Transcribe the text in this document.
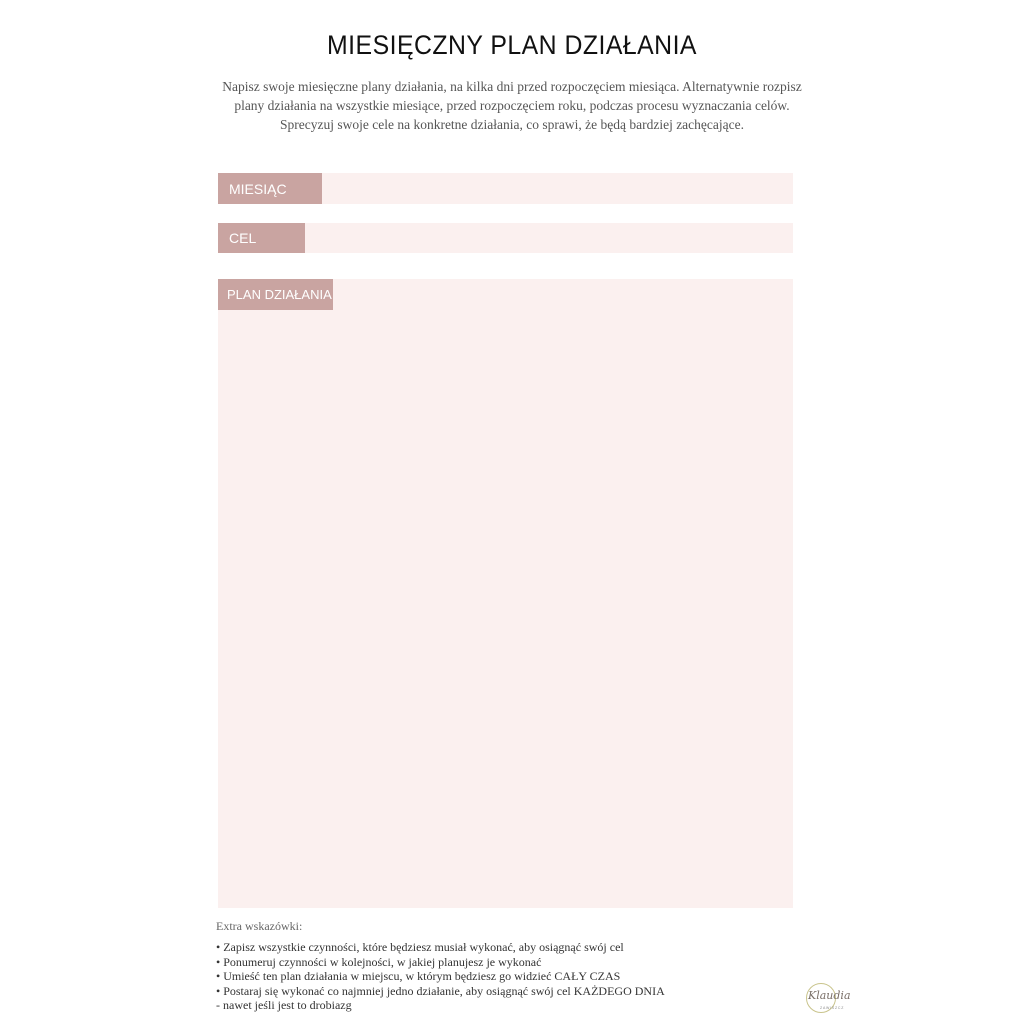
MIESIĘCZNY PLAN DZIAŁANIA
Napisz swoje miesięczne plany działania, na kilka dni przed rozpoczęciem miesiąca. Alternatywnie rozpisz plany działania na wszystkie miesiące, przed rozpoczęciem roku, podczas procesu wyznaczania celów. Sprecyzuj swoje cele na konkretne działania, co sprawi, że będą bardziej zachęcające.
MIESIĄC
CEL
PLAN DZIAŁANIA
Extra wskazówki:
• Zapisz wszystkie czynności, które będziesz musiał wykonać, aby osiągnąć swój cel
• Ponumeruj czynności w kolejności, w jakiej planujesz je wykonać
• Umieść ten plan działania w miejscu, w którym będziesz go widzieć CAŁY CZAS
• Postaraj się wykonać co najmniej jedno działanie, aby osiągnąć swój cel KAŻDEGO DNIA
- nawet jeśli jest to drobiazg
Klaudia
ZAWISZCZ
